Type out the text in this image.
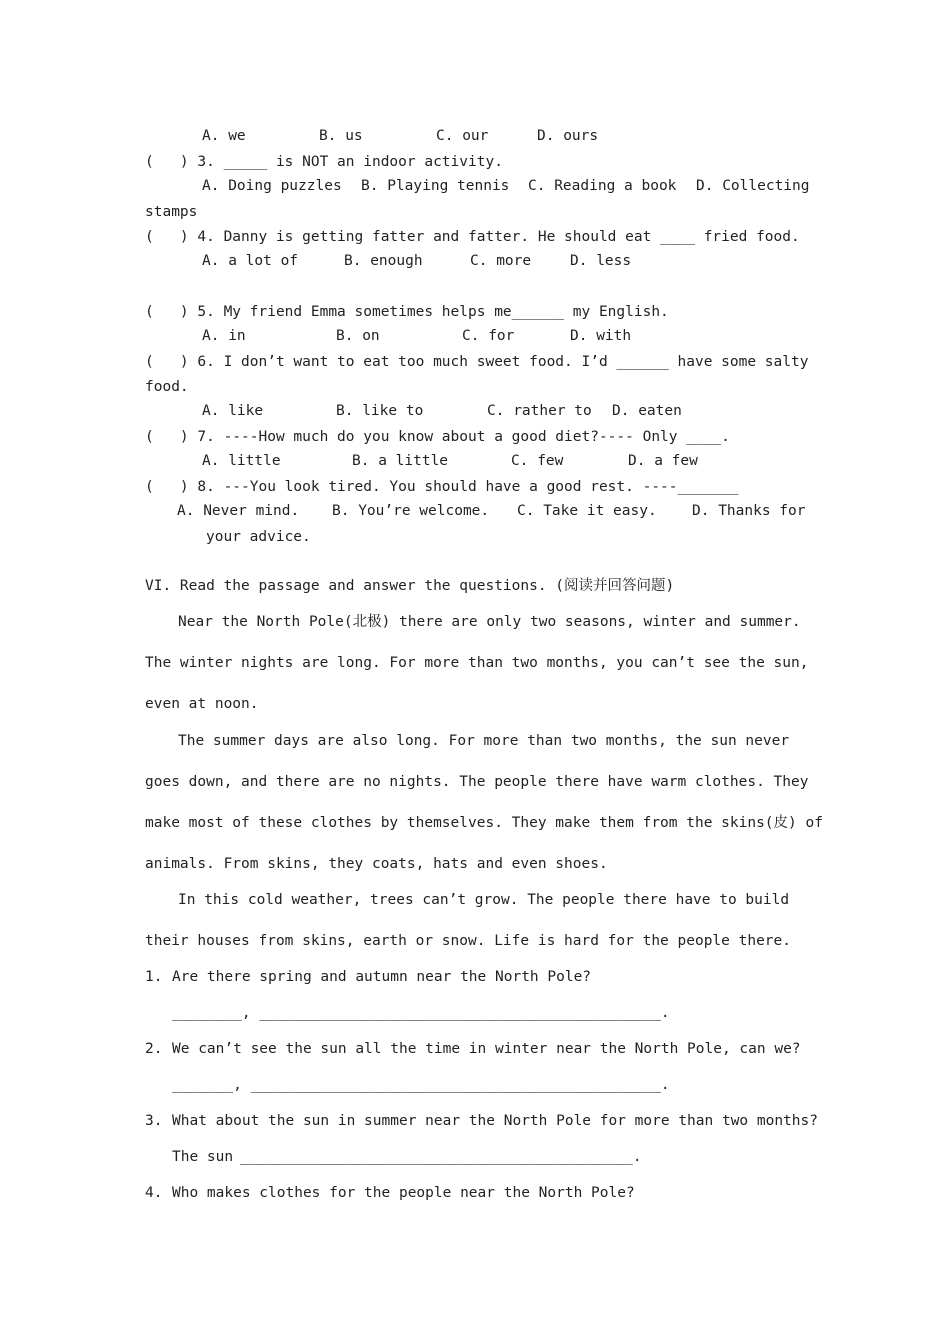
A. we	B. us	C. our	D. ours
(   ) 3. _____ is NOT an indoor activity.
A. Doing puzzles B. Playing tennis C. Reading a book D. Collecting
stamps
(   ) 4. Danny is getting fatter and fatter. He should eat ____ fried food.
A. a lot of	B. enough	C. more	D. less
(   ) 5. My friend Emma sometimes helps me______ my English.
A. in	B. on	C. for	D. with
(   ) 6. I don’t want to eat too much sweet food. I’d ______ have some salty
food.
A. like	B. like to	C. rather to D. eaten
(   ) 7. ----How much do you know about a good diet?---- Only ____.
A. little	B. a little	C. few	D. a few
(   ) 8. ---You look tired. You should have a good rest. ----_______
A. Never mind. B. You’re welcome. C. Take it easy. D. Thanks for
your advice.
VI. Read the passage and answer the questions. (阅读并回答问题)
Near the North Pole(北极) there are only two seasons, winter and summer.
The winter nights are long. For more than two months, you can’t see the sun,
even at noon.
The summer days are also long. For more than two months, the sun never
goes down, and there are no nights. The people there have warm clothes. They
make most of these clothes by themselves. They make them from the skins(皮) of
animals. From skins, they coats, hats and even shoes.
In this cold weather, trees can’t grow. The people there have to build
their houses from skins, earth or snow. Life is hard for the people there.
1. Are there spring and autumn near the North Pole?
________, ______________________________________________.
2. We can’t see the sun all the time in winter near the North Pole, can we?
_______, _______________________________________________.
3. What about the sun in summer near the North Pole for more than two months?
The sun
_____________________________________________.
4. Who makes clothes for the people near the North Pole?
